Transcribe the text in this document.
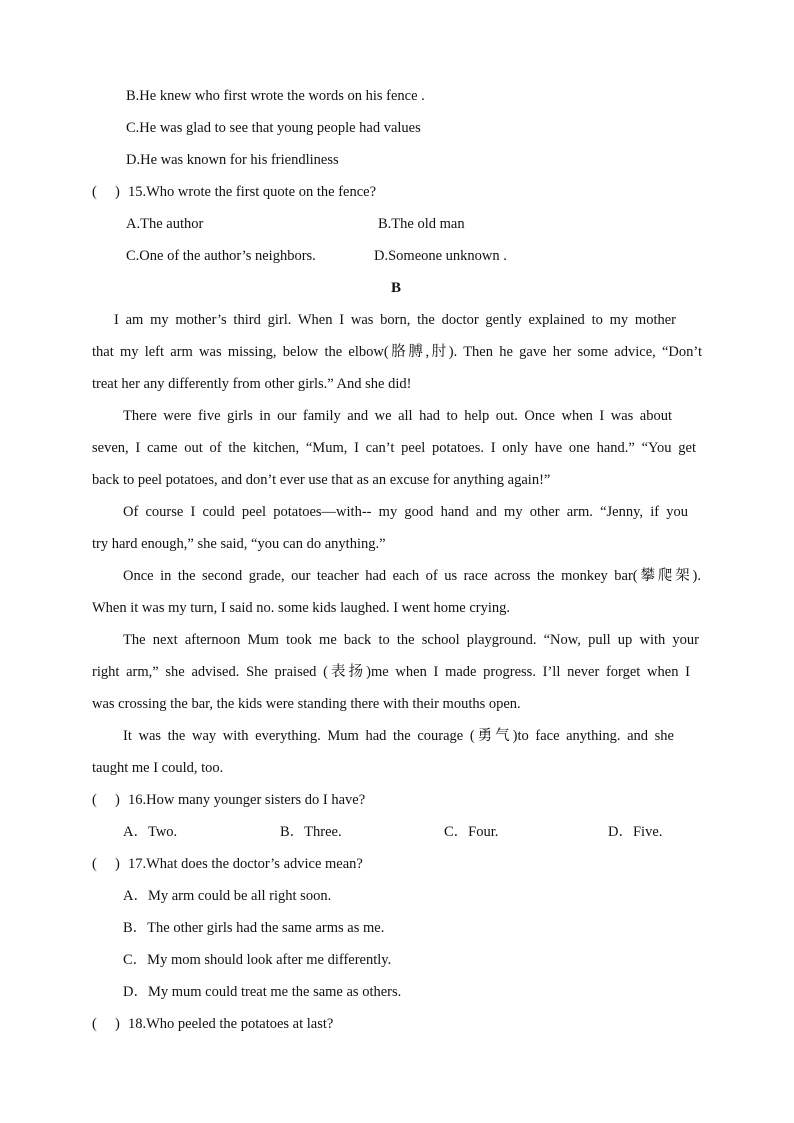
B.He knew who first wrote the words on his fence .
C.He was glad to see that young people had values
D.He was known for his friendliness
( ) 15.Who wrote the first quote on the fence?
A.The author	B.The old man
C.One of the author’s neighbors.	D.Someone unknown .
B
I am my mother’s third girl. When I was born, the doctor gently explained to my mother
that my left arm was missing, below the elbow(胳膊,肘). Then he gave her some advice, “Don’t
treat her any differently from other girls.” And she did!
There were five girls in our family and we all had to help out. Once when I was about
seven, I came out of the kitchen, “Mum, I can’t peel potatoes. I only have one hand.” “You get
back to peel potatoes, and don’t ever use that as an excuse for anything again!”
Of course I could peel potatoes—with-- my good hand and my other arm. “Jenny, if you
try hard enough,” she said, “you can do anything.”
Once in the second grade, our teacher had each of us race across the monkey bar(攀爬架).
When it was my turn, I said no. some kids laughed. I went home crying.
The next afternoon Mum took me back to the school playground. “Now, pull up with your
right arm,” she advised. She praised (表扬)me when I made progress. I’ll never forget when I
was crossing the bar, the kids were standing there with their mouths open.
It was the way with everything. Mum had the courage (勇气)to face anything. and she
taught me I could, too.
( ) 16.How many younger sisters do I have?
A．Two.	B．Three.	C．Four.	D．Five.
( ) 17.What does the doctor’s advice mean?
A．My arm could be all right soon.
B．The other girls had the same arms as me.
C．My mom should look after me differently.
D．My mum could treat me the same as others.
( ) 18.Who peeled the potatoes at last?
